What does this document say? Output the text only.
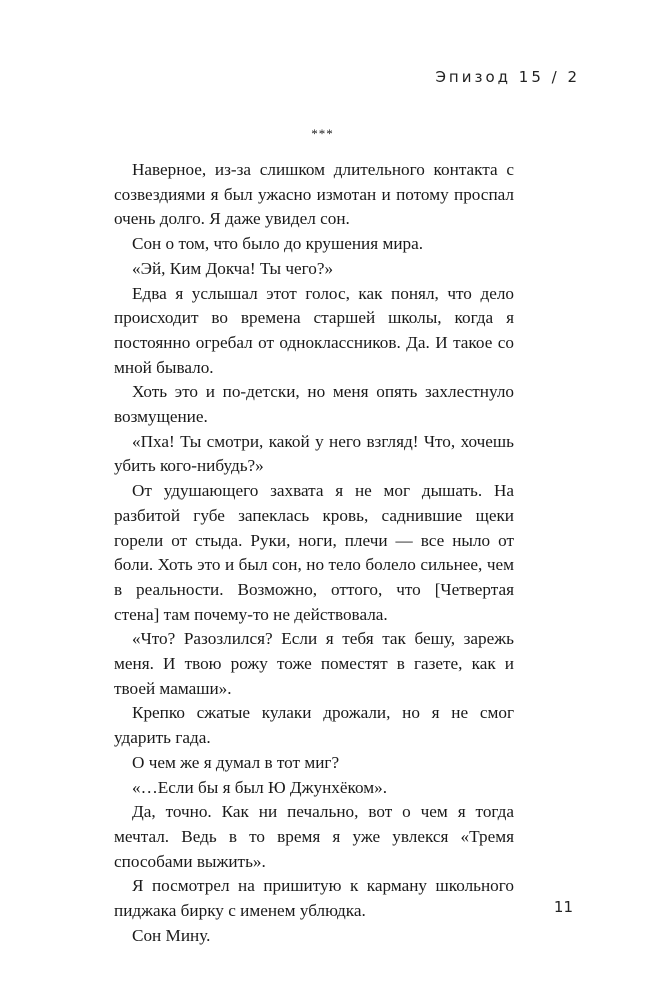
Эпизод 15 / 2
***

Наверное, из-за слишком длительного контакта с созвездиями я был ужасно измотан и потому проспал очень долго. Я даже увидел сон.

Сон о том, что было до крушения мира.

«Эй, Ким Докча! Ты чего?»

Едва я услышал этот голос, как понял, что дело происходит во времена старшей школы, когда я постоянно огребал от одноклассников. Да. И такое со мной бывало.

Хоть это и по-детски, но меня опять захлестнуло возмущение.

«Пха! Ты смотри, какой у него взгляд! Что, хочешь убить кого-нибудь?»

От удушающего захвата я не мог дышать. На разбитой губе запеклась кровь, саднившие щеки горели от стыда. Руки, ноги, плечи — все ныло от боли. Хоть это и был сон, но тело болело сильнее, чем в реальности. Возможно, оттого, что [Четвертая стена] там почему-то не действовала.

«Что? Разозлился? Если я тебя так бешу, зарежь меня. И твою рожу тоже поместят в газете, как и твоей мамаши».

Крепко сжатые кулаки дрожали, но я не смог ударить гада.

О чем же я думал в тот миг?

«…Если бы я был Ю Джунхёком».

Да, точно. Как ни печально, вот о чем я тогда мечтал. Ведь в то время я уже увлекся «Тремя способами выжить».

Я посмотрел на пришитую к карману школьного пиджака бирку с именем ублюдка.

Сон Мину.

11
